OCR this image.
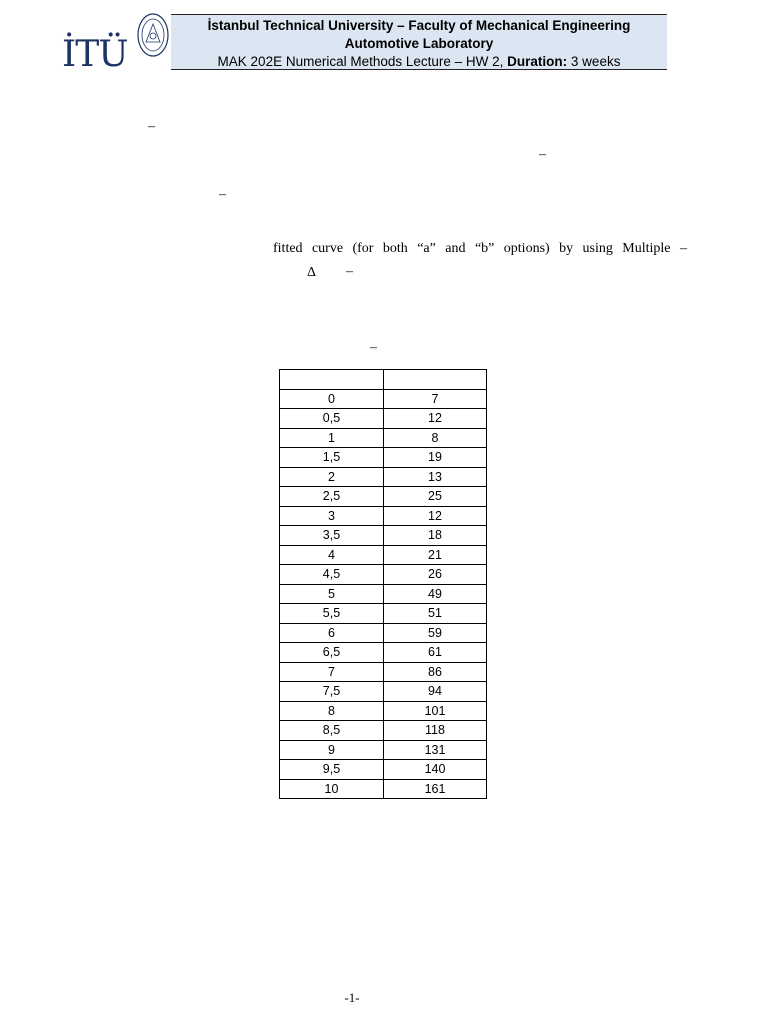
İTÜ
İstanbul Technical University – Faculty of Mechanical Engineering
Automotive Laboratory
MAK 202E Numerical Methods Lecture – HW 2, Duration: 3 weeks
–
–
–
fitted curve (for both “a” and “b” options) by using Multiple –
Δ –
–

0	7
0,5	12
1	8
1,5	19
2	13
2,5	25
3	12
3,5	18
4	21
4,5	26
5	49
5,5	51
6	59
6,5	61
7	86
7,5	94
8	101
8,5	118
9	131
9,5	140
10	161
-1-
